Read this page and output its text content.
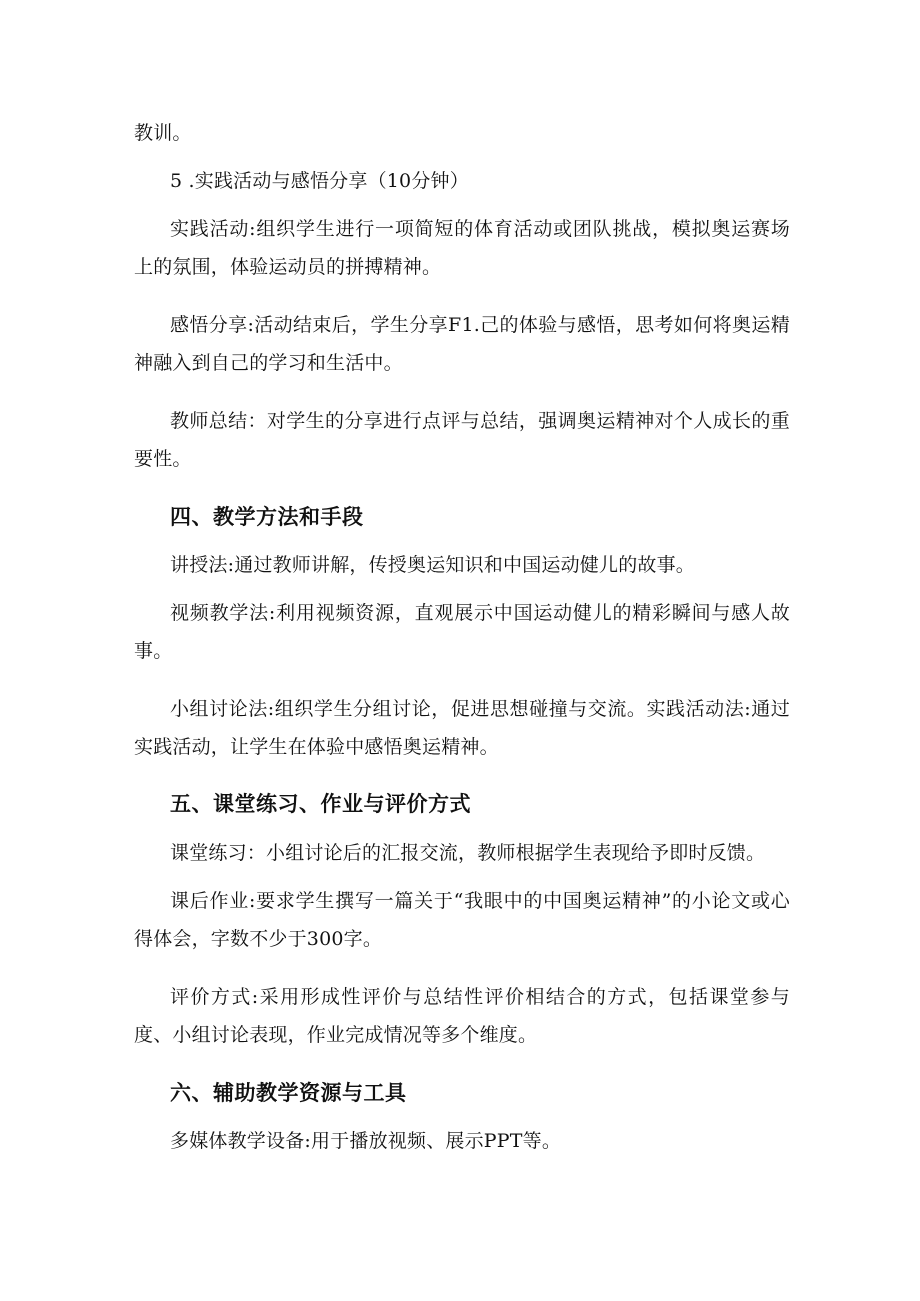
教训。

5 .实践活动与感悟分享（10分钟）

实践活动:组织学生进行一项简短的体育活动或团队挑战，模拟奥运赛场上的氛围，体验运动员的拼搏精神。

感悟分享:活动结束后，学生分享F1.己的体验与感悟，思考如何将奥运精神融入到自己的学习和生活中。

教师总结：对学生的分享进行点评与总结，强调奥运精神对个人成长的重要性。

四、教学方法和手段

讲授法:通过教师讲解，传授奥运知识和中国运动健儿的故事。

视频教学法:利用视频资源，直观展示中国运动健儿的精彩瞬间与感人故事。

小组讨论法:组织学生分组讨论，促进思想碰撞与交流。实践活动法:通过实践活动，让学生在体验中感悟奥运精神。

五、课堂练习、作业与评价方式

课堂练习：小组讨论后的汇报交流，教师根据学生表现给予即时反馈。

课后作业:要求学生撰写一篇关于“我眼中的中国奥运精神”的小论文或心得体会，字数不少于300字。

评价方式:采用形成性评价与总结性评价相结合的方式，包括课堂参与度、小组讨论表现，作业完成情况等多个维度。

六、辅助教学资源与工具

多媒体教学设备:用于播放视频、展示PPT等。
